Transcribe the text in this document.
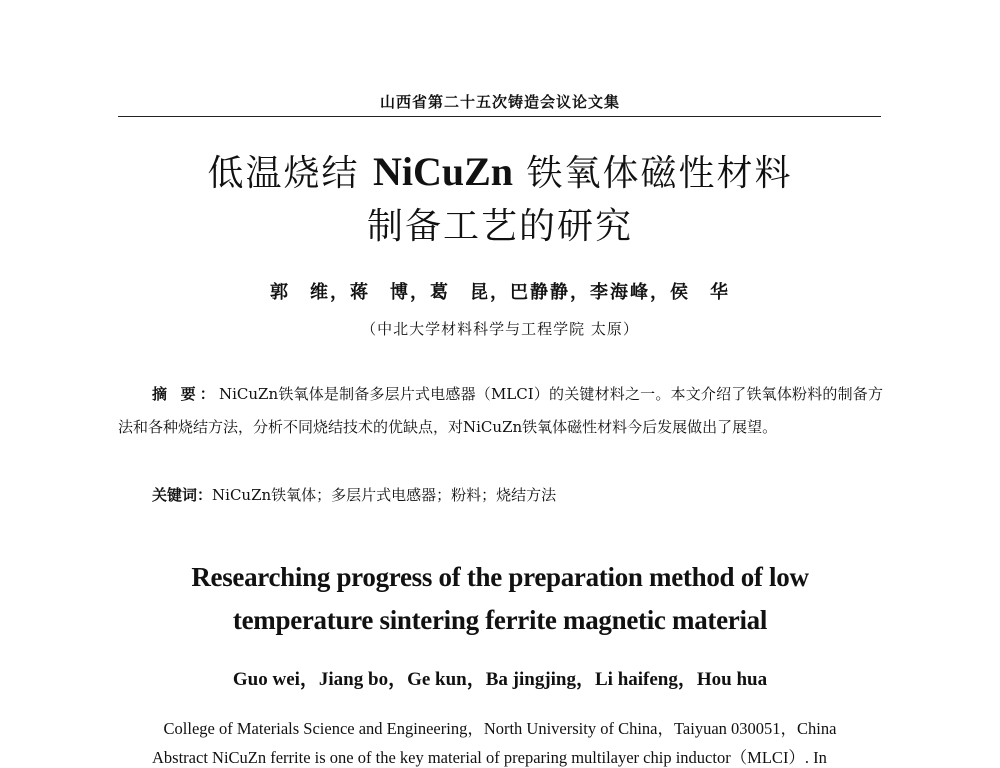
山西省第二十五次铸造会议论文集
低温烧结 NiCuZn 铁氧体磁性材料
制备工艺的研究
郭　维，蒋　博，葛　昆，巴静静，李海峰，侯　华
（中北大学材料科学与工程学院 太原）
摘 要：NiCuZn铁氧体是制备多层片式电感器（MLCI）的关键材料之一。本文介绍了铁氧体粉料的制备方法和各种烧结方法，分析不同烧结技术的优缺点，对NiCuZn铁氧体磁性材料今后发展做出了展望。
关键词：NiCuZn铁氧体；多层片式电感器；粉料；烧结方法
Researching progress of the preparation method of low
temperature sintering ferrite magnetic material
Guo wei，Jiang bo，Ge kun，Ba jingjing，Li haifeng，Hou hua
College of Materials Science and Engineering，North University of China，Taiyuan 030051，China
Abstract NiCuZn ferrite is one of the key material of preparing multilayer chip inductor（MLCI）. In
